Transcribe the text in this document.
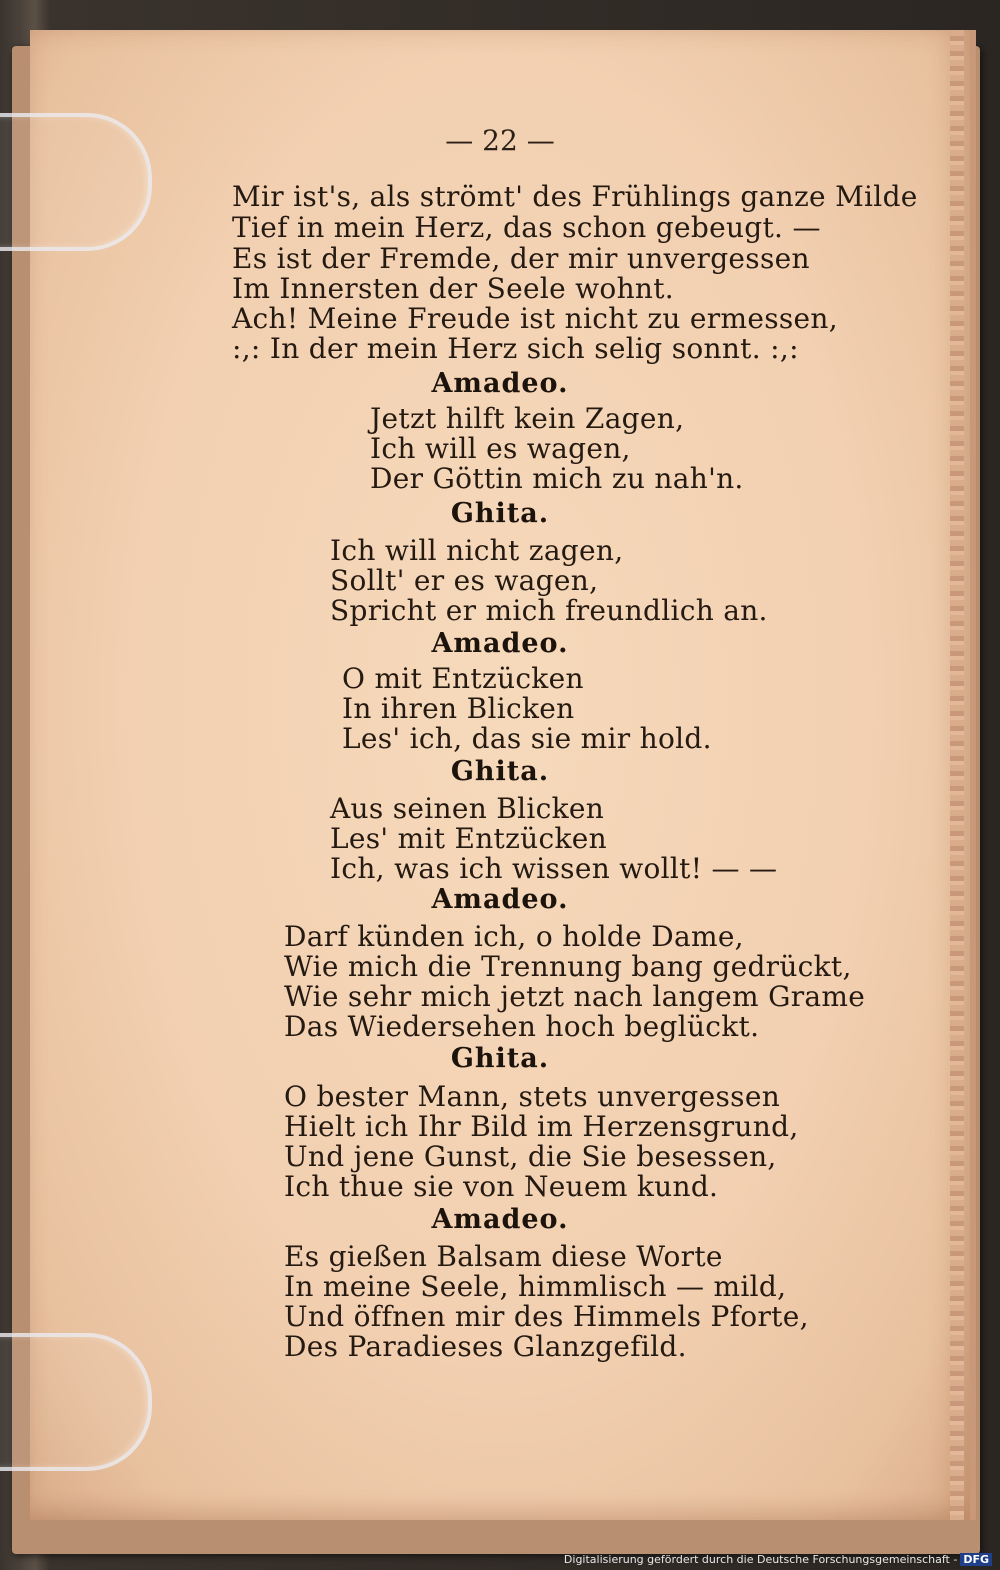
— 22 —
Mir ist's, als strömt' des Frühlings ganze Milde
Tief in mein Herz, das schon gebeugt. —
Es ist der Fremde, der mir unvergessen
Im Innersten der Seele wohnt.
Ach! Meine Freude ist nicht zu ermessen,
:,: In der mein Herz sich selig sonnt. :,:
Amadeo.
Jetzt hilft kein Zagen,
Ich will es wagen,
Der Göttin mich zu nah'n.
Ghita.
Ich will nicht zagen,
Sollt' er es wagen,
Spricht er mich freundlich an.
Amadeo.
O mit Entzücken
In ihren Blicken
Les' ich, das sie mir hold.
Ghita.
Aus seinen Blicken
Les' mit Entzücken
Ich, was ich wissen wollt! — —
Amadeo.
Darf künden ich, o holde Dame,
Wie mich die Trennung bang gedrückt,
Wie sehr mich jetzt nach langem Grame
Das Wiedersehen hoch beglückt.
Ghita.
O bester Mann, stets unvergessen
Hielt ich Ihr Bild im Herzensgrund,
Und jene Gunst, die Sie besessen,
Ich thue sie von Neuem kund.
Amadeo.
Es gießen Balsam diese Worte
In meine Seele, himmlisch — mild,
Und öffnen mir des Himmels Pforte,
Des Paradieses Glanzgefild.
Digitalisierung gefördert durch die Deutsche Forschungsgemeinschaft - DFG
